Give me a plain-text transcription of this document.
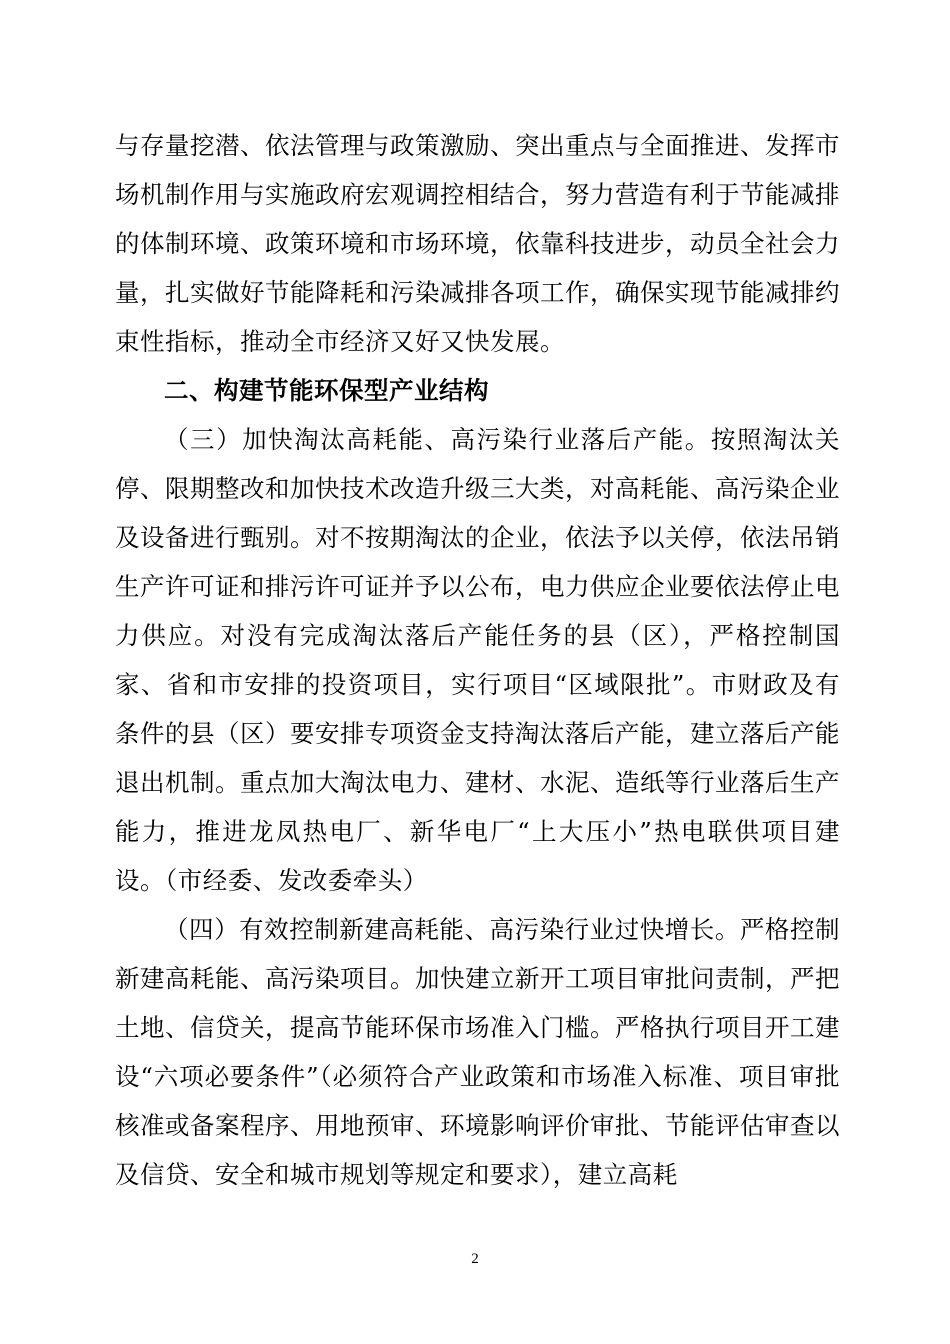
与存量挖潜、依法管理与政策激励、突出重点与全面推进、发挥市场机制作用与实施政府宏观调控相结合，努力营造有利于节能减排的体制环境、政策环境和市场环境，依靠科技进步，动员全社会力量，扎实做好节能降耗和污染减排各项工作，确保实现节能减排约束性指标，推动全市经济又好又快发展。

二、构建节能环保型产业结构

（三）加快淘汰高耗能、高污染行业落后产能。按照淘汰关停、限期整改和加快技术改造升级三大类，对高耗能、高污染企业及设备进行甄别。对不按期淘汰的企业，依法予以关停，依法吊销生产许可证和排污许可证并予以公布，电力供应企业要依法停止电力供应。对没有完成淘汰落后产能任务的县（区），严格控制国家、省和市安排的投资项目，实行项目“区域限批”。市财政及有条件的县（区）要安排专项资金支持淘汰落后产能，建立落后产能退出机制。重点加大淘汰电力、建材、水泥、造纸等行业落后生产能力，推进龙凤热电厂、新华电厂“上大压小”热电联供项目建设。（市经委、发改委牵头）

（四）有效控制新建高耗能、高污染行业过快增长。严格控制新建高耗能、高污染项目。加快建立新开工项目审批问责制，严把土地、信贷关，提高节能环保市场准入门槛。严格执行项目开工建设“六项必要条件”（必须符合产业政策和市场准入标准、项目审批核准或备案程序、用地预审、环境影响评价审批、节能评估审查以及信贷、安全和城市规划等规定和要求），建立高耗

2
